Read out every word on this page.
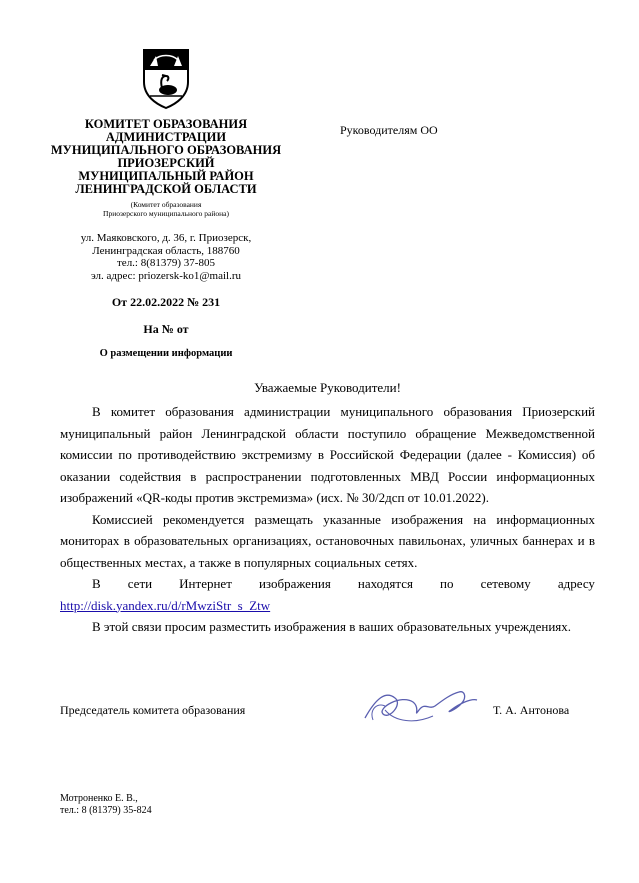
КОМИТЕТ ОБРАЗОВАНИЯ
АДМИНИСТРАЦИИ
МУНИЦИПАЛЬНОГО ОБРАЗОВАНИЯ
ПРИОЗЕРСКИЙ
МУНИЦИПАЛЬНЫЙ РАЙОН
ЛЕНИНГРАДСКОЙ ОБЛАСТИ
(Комитет образования
Приозерского муниципального района)
ул. Маяковского, д. 36, г. Приозерск,
Ленинградская область, 188760
тел.: 8(81379) 37-805
эл. адрес: priozersk-ko1@mail.ru
От 22.02.2022 № 231
На № от
О размещении информации
Руководителям ОО
Уважаемые Руководители!

В комитет образования администрации муниципального образования Приозерский муниципальный район Ленинградской области поступило обращение Межведомственной комиссии по противодействию экстремизму в Российской Федерации (далее - Комиссия) об оказании содействия в распространении подготовленных МВД России информационных изображений «QR-коды против экстремизма» (исх. № 30/2дсп от 10.01.2022).

Комиссией рекомендуется размещать указанные изображения на информационных мониторах в образовательных организациях, остановочных павильонах, уличных баннерах и в общественных местах, а также в популярных социальных сетях.

В сети Интернет изображения находятся по сетевому адресу
http://disk.yandex.ru/d/rMwziStr_s_Ztw

В этой связи просим разместить изображения в ваших образовательных учреждениях.

Председатель комитета образования	Т. А. Антонова
Мотроненко Е. В.,
тел.: 8 (81379) 35-824
